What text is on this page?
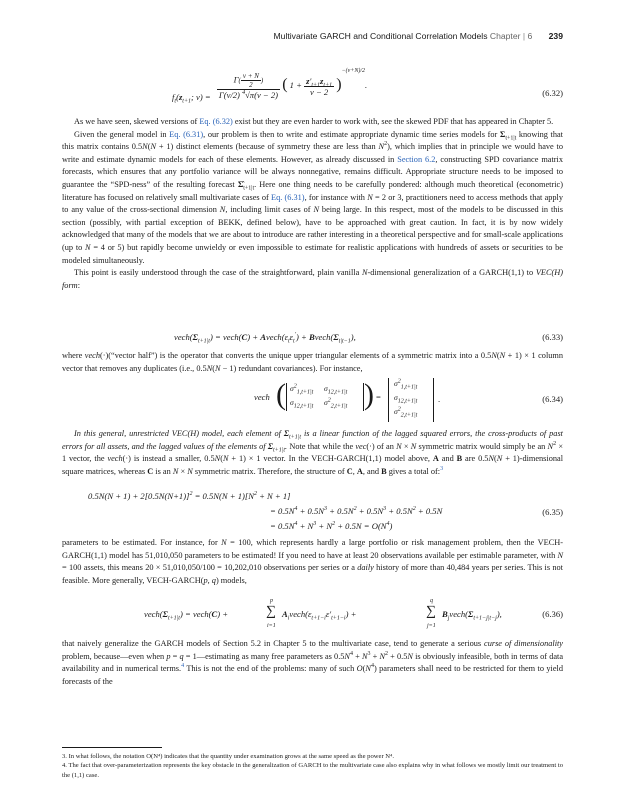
Multivariate GARCH and Conditional Correlation Models Chapter | 6 239
$f_t(z_{t+1}$; $\nu) = \frac{\Gamma( \frac{\nu + N}{2} )}{\Gamma(\nu/2) ^4√\pi(\nu - 2)}$ ( $1 + \frac{z'_{t+1}z_{t+1}}{\nu - 2} )^{-(\nu+N)/2}$.
(6.32)

As we have seen, skewed versions of Eq. (6.32) exist but they are even harder to work with, see the skewed PDF that has appeared in Chapter 5.

Given the general model in Eq. (6.31), our problem is then to write and estimate appropriate dynamic time series models for $\Sigma_{t+1|t}$ knowing that this matrix contains 0.5N(N + 1) distinct elements (because of symmetry these are less than $N^2$), which implies that in principle we would have to write and estimate dynamic models for each of these elements. However, as already discussed in Section 6.2, constructing SPD covariance matrix forecasts, which ensures that any portfolio variance will be always nonnegative, remains difficult. Appropriate structure needs to be imposed to guarantee the “SPD-ness” of the resulting forecast $\Sigmâ_{t+1|t}$. Here one thing needs to be carefully pondered: although much theoretical (econometric) literature has focused on relatively small multivariate cases of Eq. (6.31), for instance with N = 2 or 3, practitioners need to access methods that apply to any value of the cross-sectional dimension N, including limit cases of N being large. In this respect, most of the models to be discussed in this section (possibly, with partial exception of BEKK, defined below), have to be approached with great caution. In fact, it is by now widely acknowledged that many of the models that we are about to introduce are rather interesting in a theoretical perspective and for small-scale applications (up to N = 4 or 5) but rapidly become unwieldy or even impossible to estimate for realistic applications with hundreds of assets or securities to be modeled simultaneously.

This point is easily understood through the case of the straightforward, plain vanilla N-dimensional generalization of a GARCH(1,1) to VEC(H) form:

$vech(\Sigma_{t+1|t})$ = vech(C) + $Avech(\varepsilon_t\varepsilon_t')$ + $Bvech(\Sigma_{t|t-1})$,	(6.33)

where vech(·)(“vector half”) is the operator that converts the unique upper triangular elements of a symmetric matrix into a 0.5N(N + 1) × 1 column vector that removes any duplicates (i.e., 0.5N(N − 1) redundant covariances). For instance,

vech ( $\sigma^2_{1,t+1|t}$ $\sigma_{12,t+1|t}$
$\sigma_{12,t+1|t}$ $\sigma^2_{2,t+1|t}$ ) =
$\sigma^2_{1,t+1|t}$
$\sigma_{12,t+1|t}$
$\sigma^2_{2,t+1|t}$
.	(6.34)

In this general, unrestricted VEC(H) model, each element of $\Sigma_{t+1|t}$ is a linear function of the lagged squared errors, the cross-products of past errors for all assets, and the lagged values of the elements of $\Sigma_{t+1|t}$. Note that while the vec(·) of an N × N symmetric matrix would simply be an $N^2 \times 1$ vector, the vech(·) is instead a smaller, 0.5N(N + 1) × 1 vector. In the VECH-GARCH(1,1) model above, A and B are 0.5N(N + 1)-dimensional square matrices, whereas C is an N × N symmetric matrix. Therefore, the structure of C, A, and B gives a total of:$^3$

$0.5N(N + 1) + 2[0.5N(N+1)]^2 = 0.5N(N + 1)[N^2 + N + 1]$
= $0.5N^4 + 0.5N^3 + 0.5N^2 + 0.5N^3 + 0.5N^2 + 0.5N$
= $0.5N^4 + N^3 + N^2 + 0.5N = O(N^4)$
(6.35)

parameters to be estimated. For instance, for N = 100, which represents hardly a large portfolio or risk management problem, then the VECH-GARCH(1,1) model has 51,010,050 parameters to be estimated! If you need to have at least 20 observations available per estimable parameter, with N = 100 assets, this means 20 × 51,010,050/100 = 10,202,010 observations per series or a daily history of more than 40,484 years per series. This is not feasible. More generally, VECH-GARCH(p, q) models,

$vech(\Sigma_{t+1|t})$ = vech(C) +
p
∑
i=1
$A_ivech(\varepsilon_{t+1-i}\varepsilon'_{t+1-i})$ +
q
∑
j=1
$B_jvech(\Sigma_{t+1-j|t-j})$,	(6.36)

that naively generalize the GARCH models of Section 5.2 in Chapter 5 to the multivariate case, tend to generate a serious curse of dimensionality problem, because—even when p = q = 1—estimating as many free parameters as $0.5N^4 + N^3 + N^2 + 0.5N$ is obviously infeasible, both in terms of data availability and in numerical terms.$^4$ This is not the end of the problems: many of such $O(N^4)$ parameters shall need to be restricted for them to yield forecasts of the

3. In what follows, the notation O(N⁴) indicates that the quantity under examination grows at the same speed as the power N⁴.

4. The fact that over-parameterization represents the key obstacle in the generalization of GARCH to the multivariate case also explains why in what follows we mostly limit our treatment to the (1,1) case.
